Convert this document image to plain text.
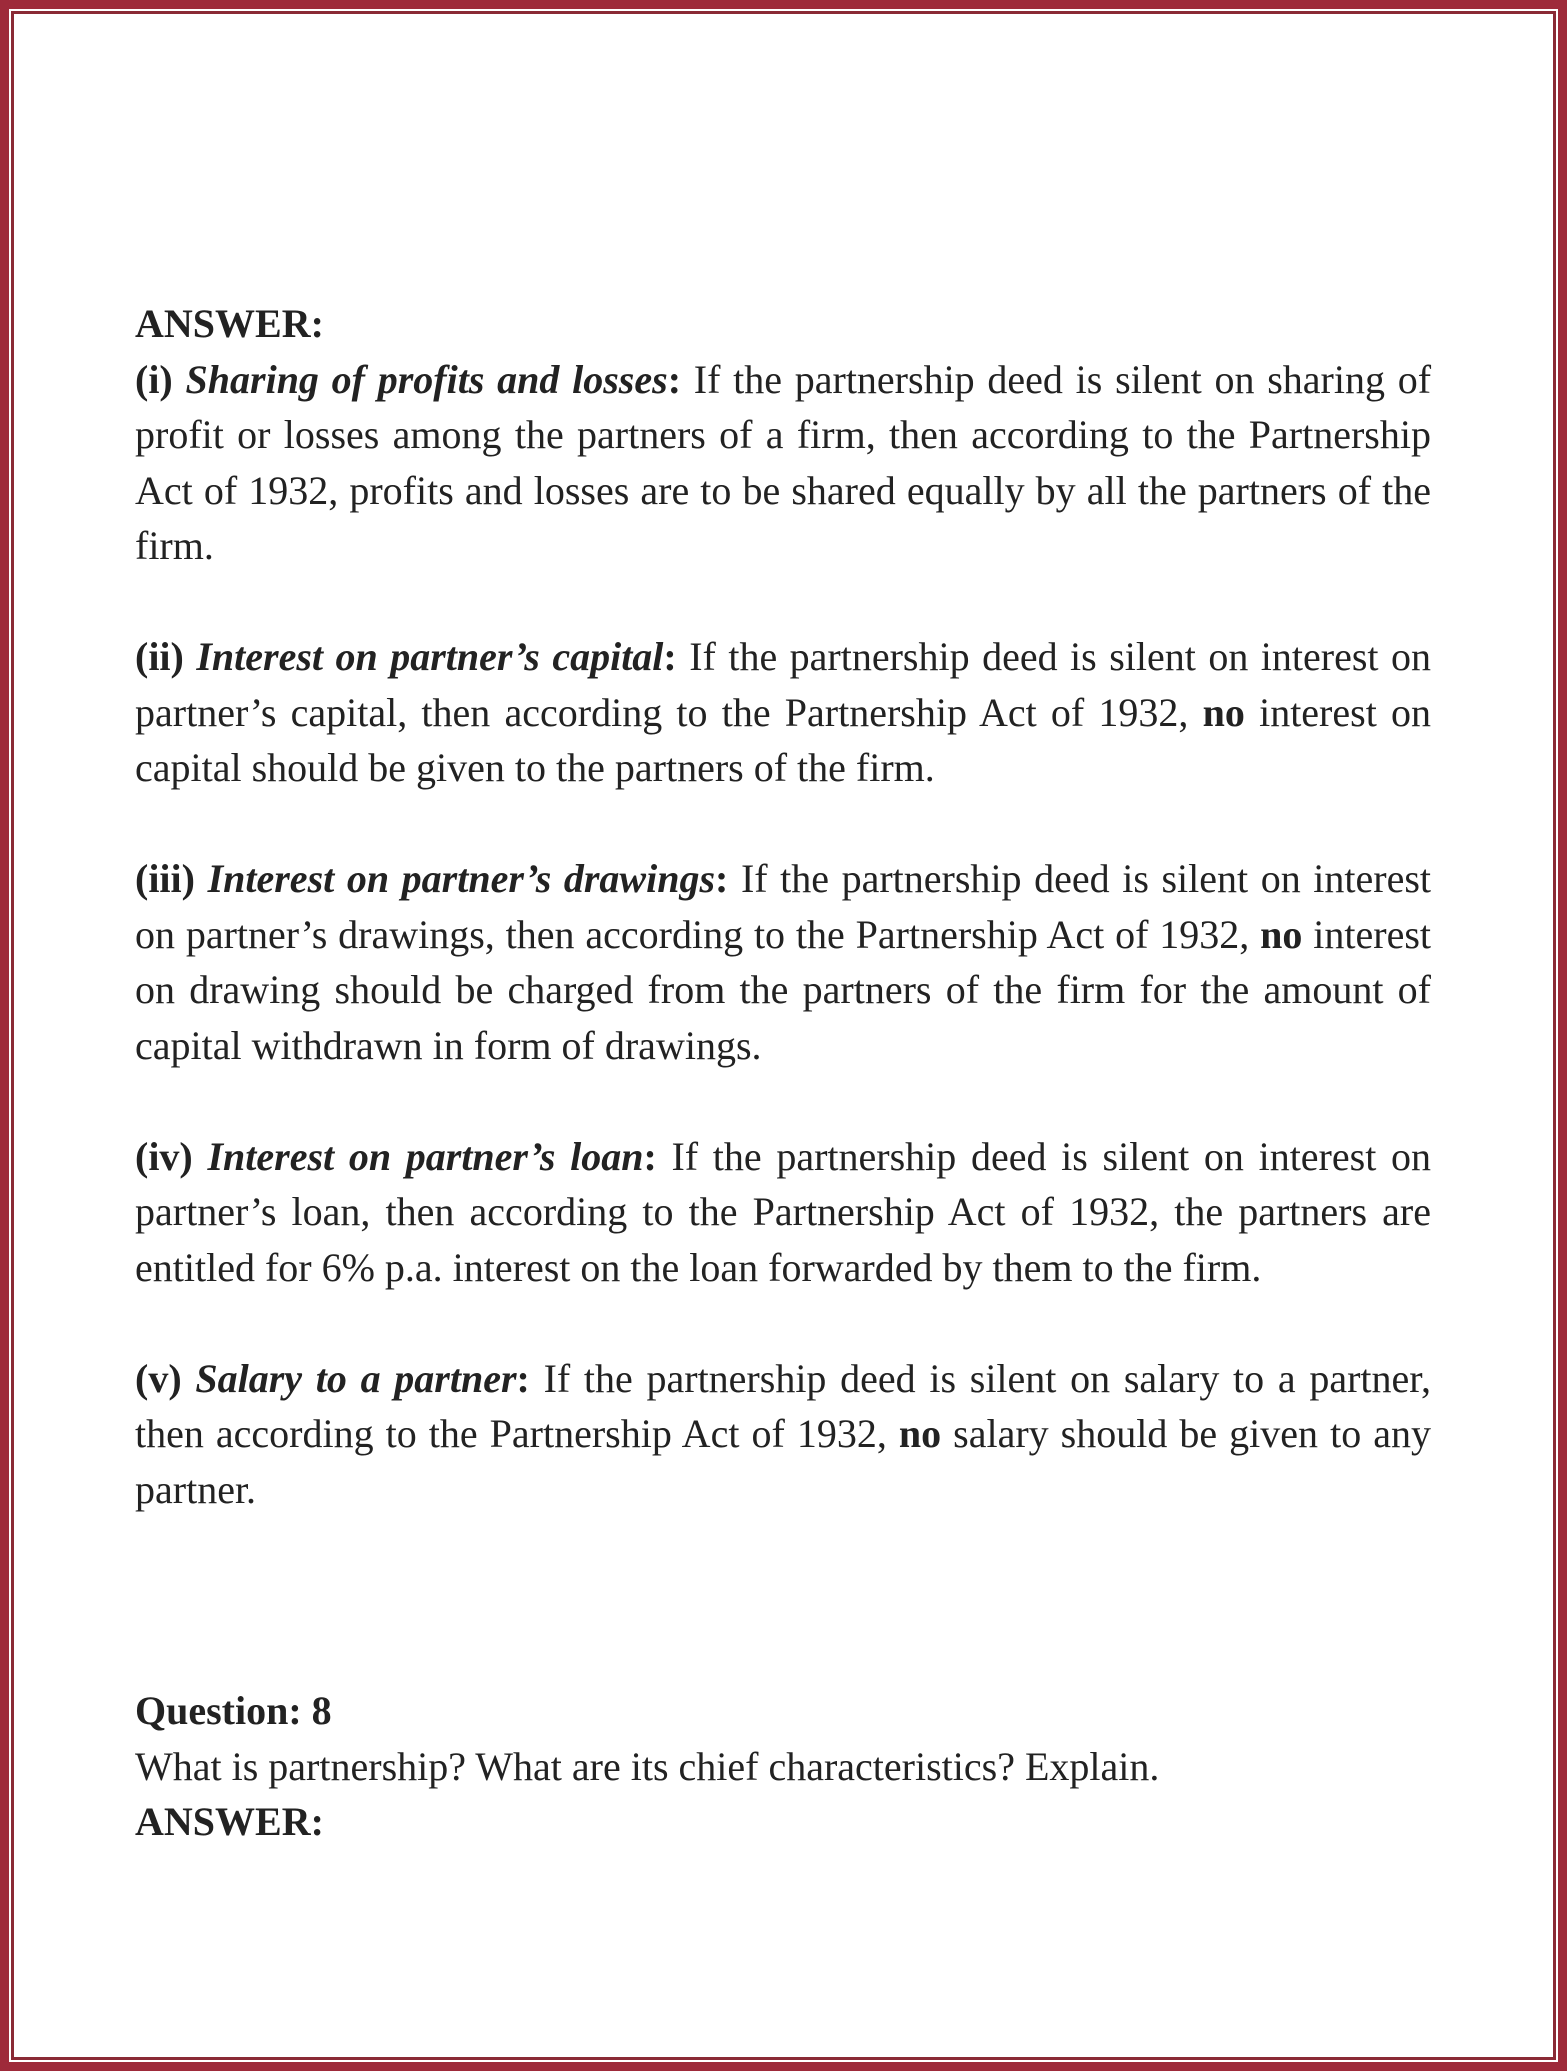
ANSWER:

(i) Sharing of profits and losses: If the partnership deed is silent on sharing of profit or losses among the partners of a firm, then according to the Partnership Act of 1932, profits and losses are to be shared equally by all the partners of the firm.

(ii) Interest on partner’s capital: If the partnership deed is silent on interest on partner’s capital, then according to the Partnership Act of 1932, no interest on capital should be given to the partners of the firm.

(iii) Interest on partner’s drawings: If the partnership deed is silent on interest on partner’s drawings, then according to the Partnership Act of 1932, no interest on drawing should be charged from the partners of the firm for the amount of capital withdrawn in form of drawings.

(iv) Interest on partner’s loan: If the partnership deed is silent on interest on partner’s loan, then according to the Partnership Act of 1932, the partners are entitled for 6% p.a. interest on the loan forwarded by them to the firm.

(v) Salary to a partner: If the partnership deed is silent on salary to a partner, then according to the Partnership Act of 1932, no salary should be given to any partner.

Question: 8

What is partnership? What are its chief characteristics? Explain.

ANSWER:
